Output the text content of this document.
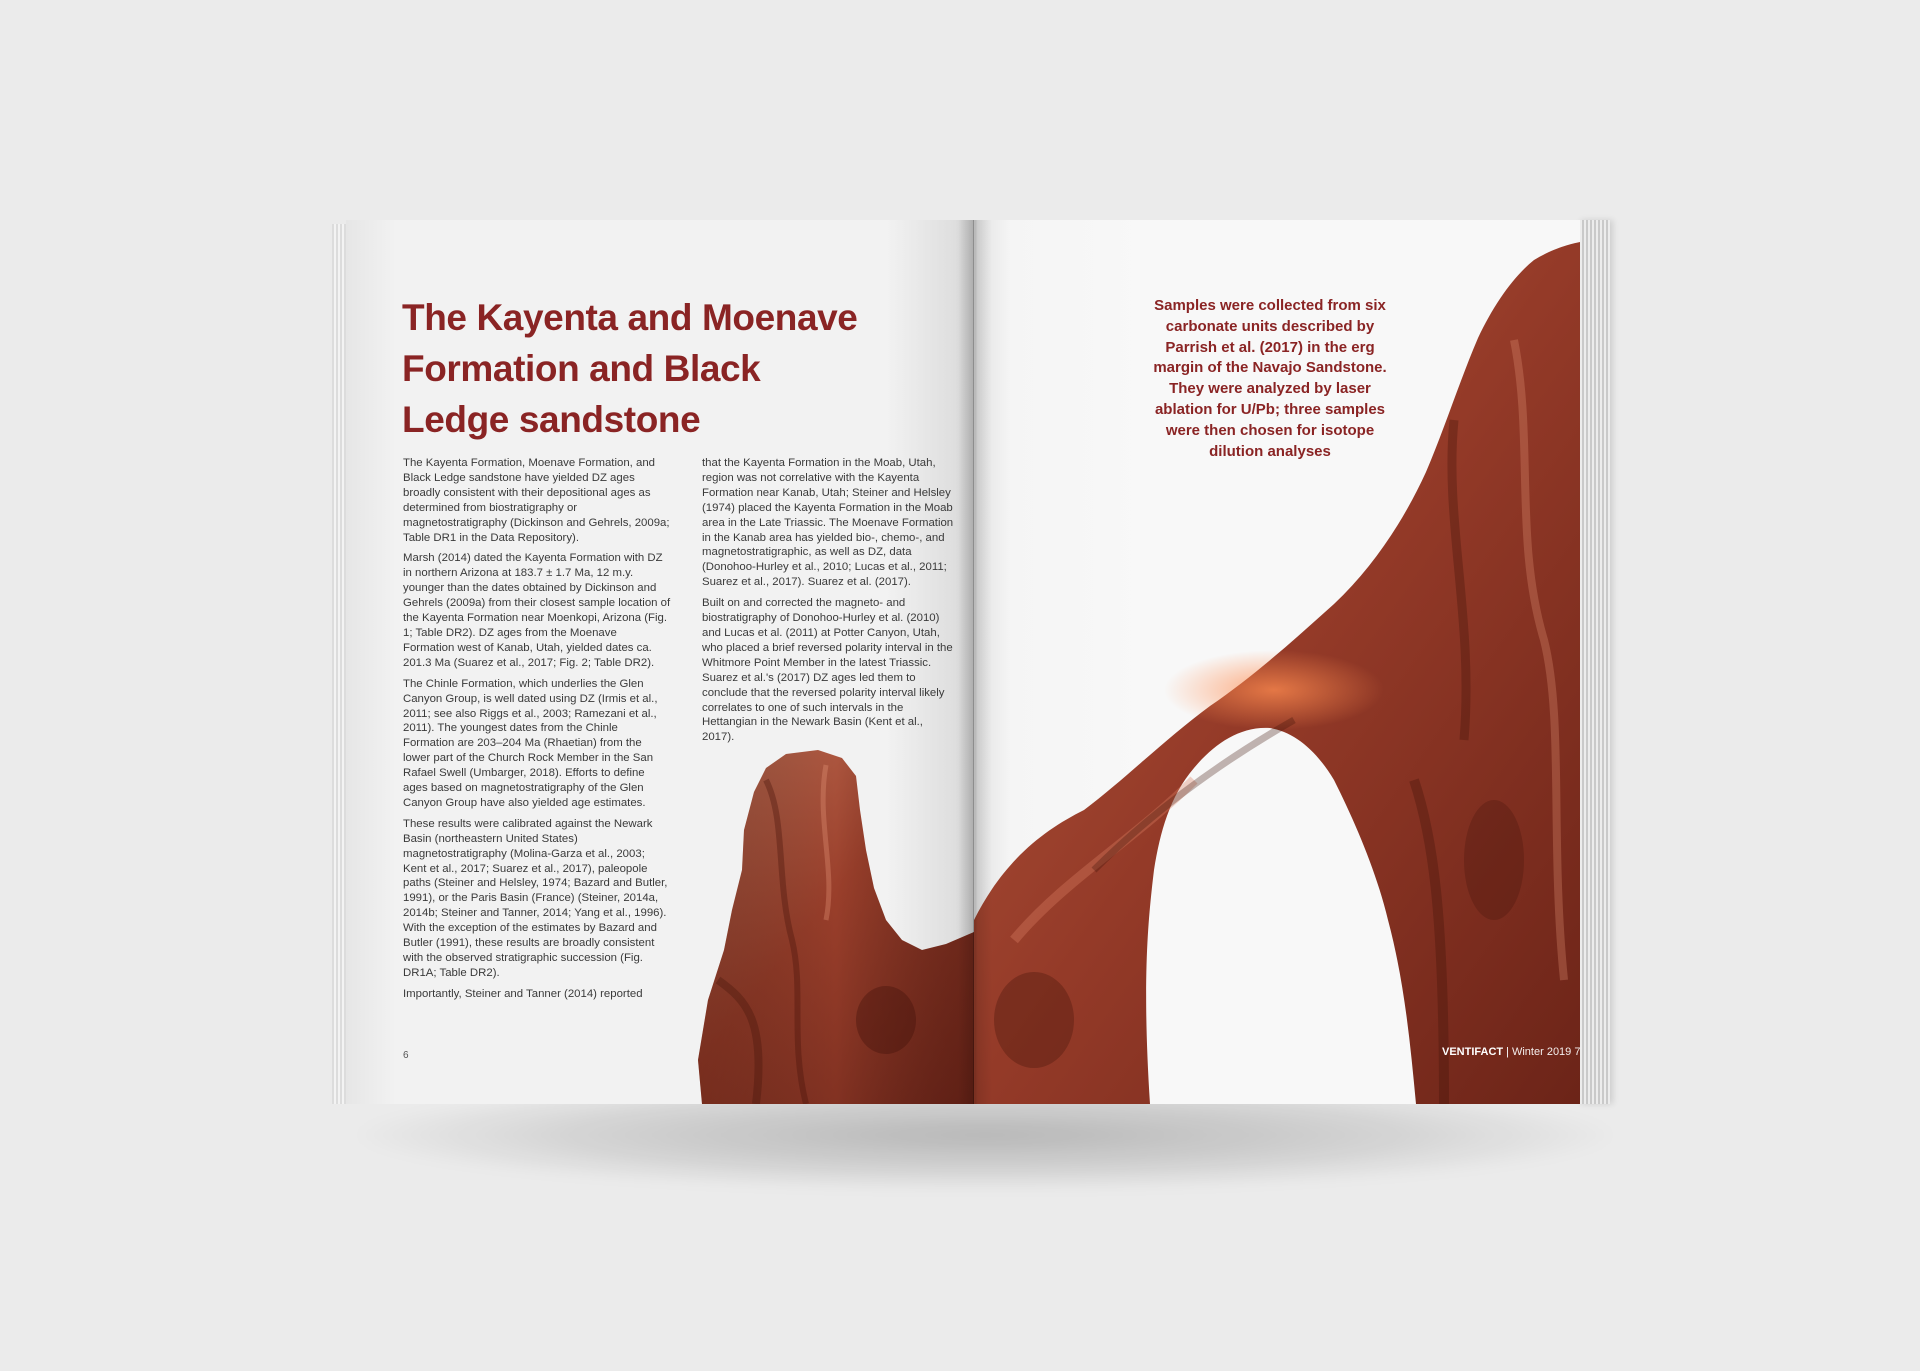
The Kayenta and Moenave Formation and Black Ledge sandstone

The Kayenta Formation, Moenave Formation, and Black Ledge sandstone have yielded DZ ages broadly consistent with their depositional ages as determined from biostratigraphy or magnetostratigraphy (Dickinson and Gehrels, 2009a; Table DR1 in the Data Repository).

Marsh (2014) dated the Kayenta Formation with DZ in northern Arizona at 183.7 ± 1.7 Ma, 12 m.y. younger than the dates obtained by Dickinson and Gehrels (2009a) from their closest sample location of the Kayenta Formation near Moenkopi, Arizona (Fig. 1; Table DR2). DZ ages from the Moenave Formation west of Kanab, Utah, yielded dates ca. 201.3 Ma (Suarez et al., 2017; Fig. 2; Table DR2).

The Chinle Formation, which underlies the Glen Canyon Group, is well dated using DZ (Irmis et al., 2011; see also Riggs et al., 2003; Ramezani et al., 2011). The youngest dates from the Chinle Formation are 203–204 Ma (Rhaetian) from the lower part of the Church Rock Member in the San Rafael Swell (Umbarger, 2018). Efforts to define ages based on magnetostratigraphy of the Glen Canyon Group have also yielded age estimates.

These results were calibrated against the Newark Basin (northeastern United States) magnetostratigraphy (Molina-Garza et al., 2003; Kent et al., 2017; Suarez et al., 2017), paleopole paths (Steiner and Helsley, 1974; Bazard and Butler, 1991), or the Paris Basin (France) (Steiner, 2014a, 2014b; Steiner and Tanner, 2014; Yang et al., 1996). With the exception of the estimates by Bazard and Butler (1991), these results are broadly consistent with the observed stratigraphic succession (Fig. DR1A; Table DR2).

Importantly, Steiner and Tanner (2014) reported

that the Kayenta Formation in the Moab, Utah, region was not correlative with the Kayenta Formation near Kanab, Utah; Steiner and Helsley (1974) placed the Kayenta Formation in the Moab area in the Late Triassic. The Moenave Formation in the Kanab area has yielded bio-, chemo-, and magnetostratigraphic, as well as DZ, data (Donohoo-Hurley et al., 2010; Lucas et al., 2011; Suarez et al., 2017). Suarez et al. (2017).

Built on and corrected the magneto- and biostratigraphy of Donohoo-Hurley et al. (2010) and Lucas et al. (2011) at Potter Canyon, Utah, who placed a brief reversed polarity interval in the Whitmore Point Member in the latest Triassic. Suarez et al.'s (2017) DZ ages led them to conclude that the reversed polarity interval likely correlates to one of such intervals in the Hettangian in the Newark Basin (Kent et al., 2017).

6
Samples were collected from six carbonate units described by Parrish et al. (2017) in the erg margin of the Navajo Sandstone. They were analyzed by laser ablation for U/Pb; three samples were then chosen for isotope dilution analyses
VENTIFACT | Winter 2019 7
